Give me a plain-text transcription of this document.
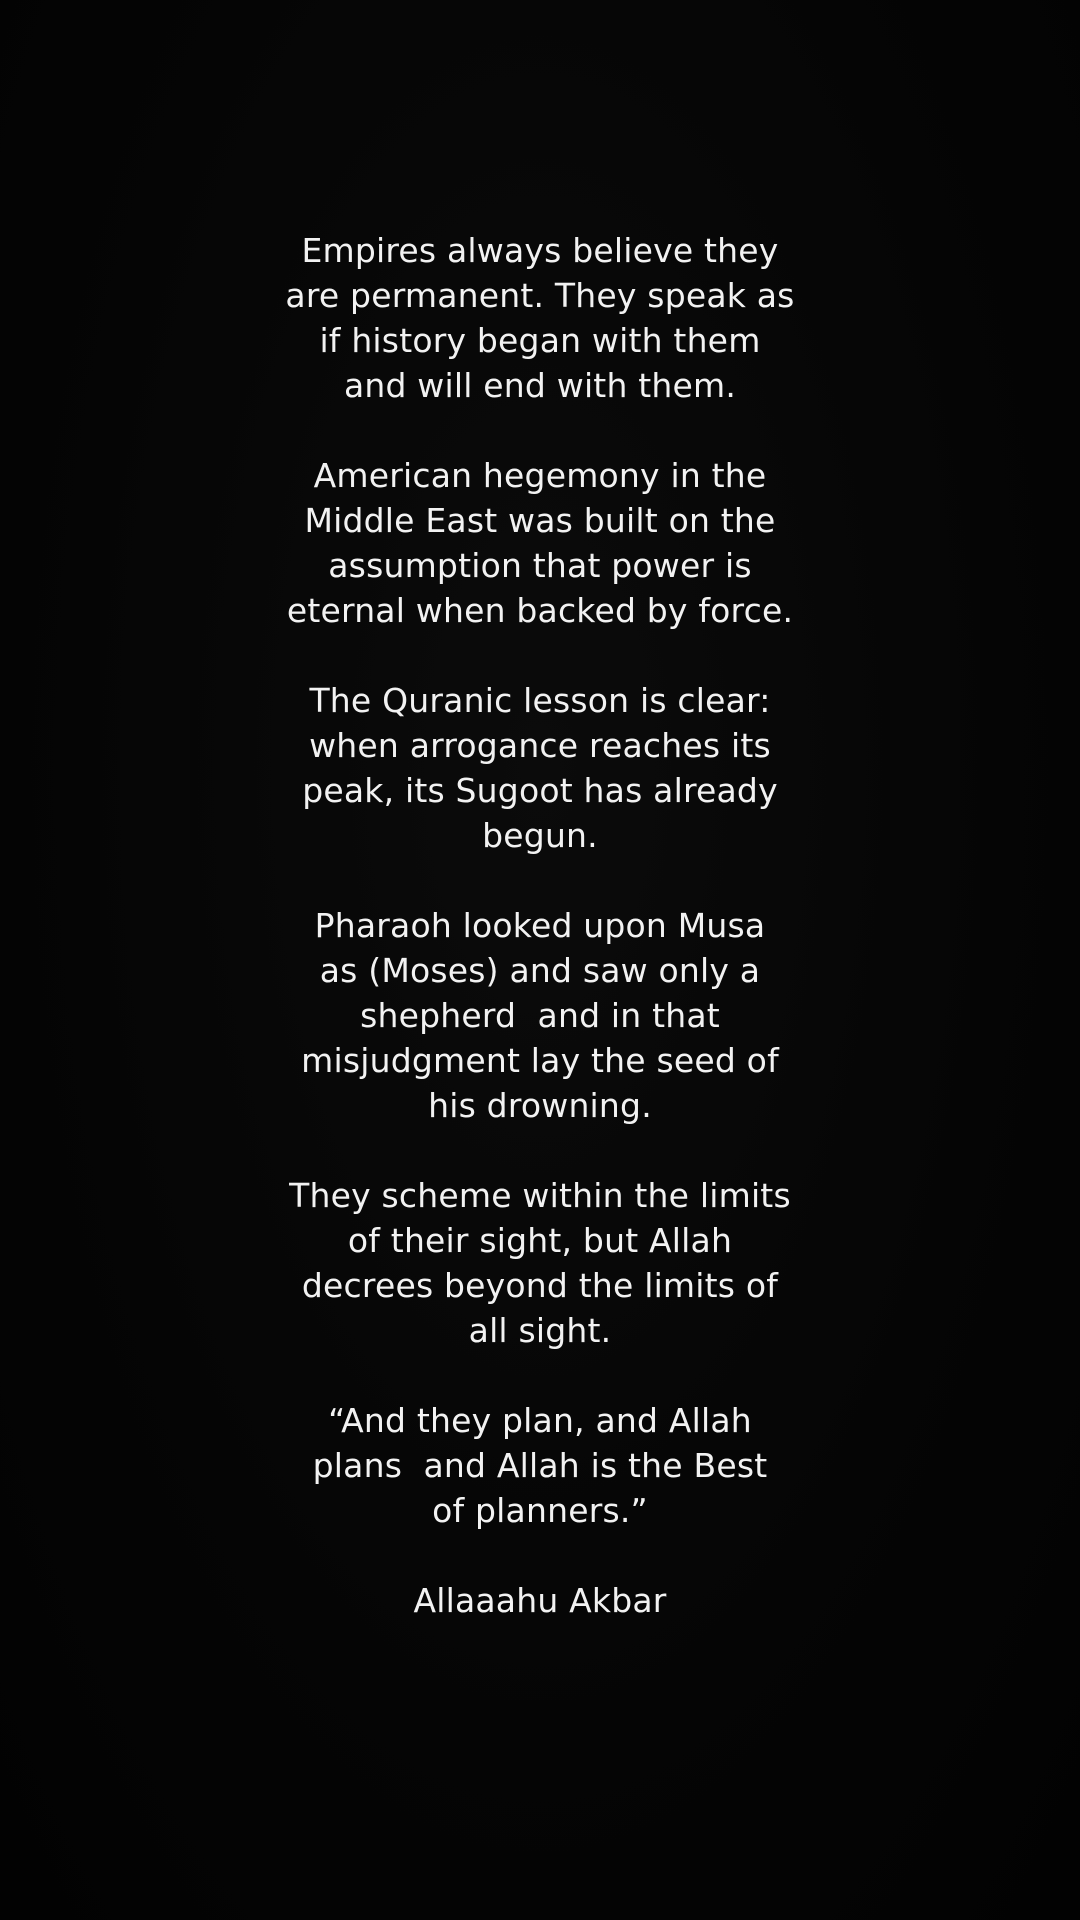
Empires always believe they
are permanent. They speak as
if history began with them
and will end with them.
American hegemony in the
Middle East was built on the
assumption that power is
eternal when backed by force.
The Quranic lesson is clear:
when arrogance reaches its
peak, its Sugoot has already
begun.
Pharaoh looked upon Musa
as (Moses) and saw only a
shepherd  and in that
misjudgment lay the seed of
his drowning.
They scheme within the limits
of their sight, but Allah
decrees beyond the limits of
all sight.
“And they plan, and Allah
plans  and Allah is the Best
of planners.”
Allaaahu Akbar
